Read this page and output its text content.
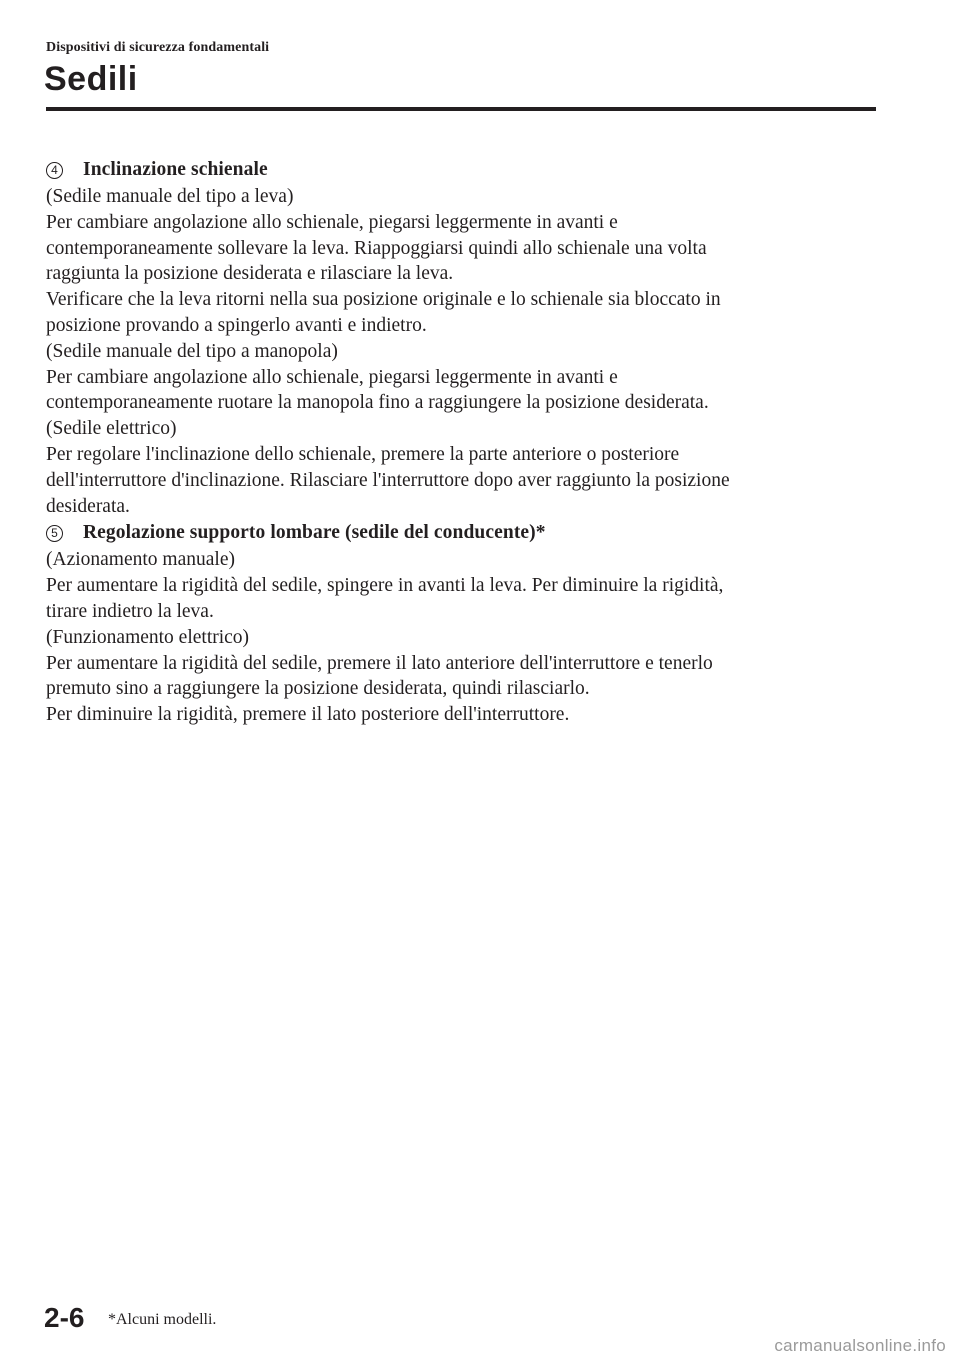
Dispositivi di sicurezza fondamentali
Sedili
4 Inclinazione schienale
(Sedile manuale del tipo a leva)
Per cambiare angolazione allo schienale, piegarsi leggermente in avanti e
contemporaneamente sollevare la leva. Riappoggiarsi quindi allo schienale una volta
raggiunta la posizione desiderata e rilasciare la leva.
Verificare che la leva ritorni nella sua posizione originale e lo schienale sia bloccato in
posizione provando a spingerlo avanti e indietro.
(Sedile manuale del tipo a manopola)
Per cambiare angolazione allo schienale, piegarsi leggermente in avanti e
contemporaneamente ruotare la manopola fino a raggiungere la posizione desiderata.
(Sedile elettrico)
Per regolare l'inclinazione dello schienale, premere la parte anteriore o posteriore
dell'interruttore d'inclinazione. Rilasciare l'interruttore dopo aver raggiunto la posizione
desiderata.
5 Regolazione supporto lombare (sedile del conducente)*
(Azionamento manuale)
Per aumentare la rigidità del sedile, spingere in avanti la leva. Per diminuire la rigidità,
tirare indietro la leva.
(Funzionamento elettrico)
Per aumentare la rigidità del sedile, premere il lato anteriore dell'interruttore e tenerlo
premuto sino a raggiungere la posizione desiderata, quindi rilasciarlo.
Per diminuire la rigidità, premere il lato posteriore dell'interruttore.
2-6 *Alcuni modelli.
carmanualsonline.info
